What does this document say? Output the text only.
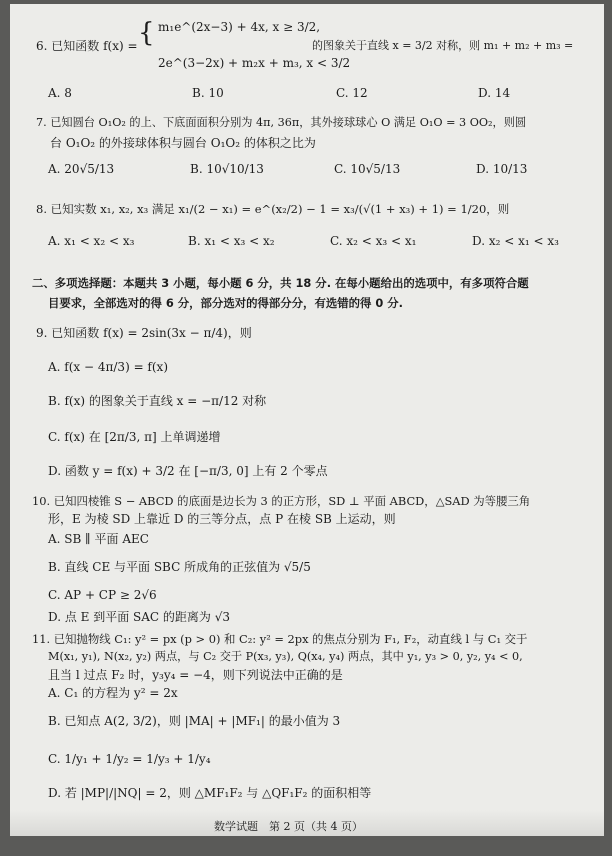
6. 已知函数 f(x) = { m₁e^(2x−3) + 4x, x ≥ 3/2,
2e^(3−2x) + m₂x + m₃, x < 3/2
的图象关于直线 x = 3/2 对称，则 m₁ + m₂ + m₃ =
A. 8	B. 10	C. 12	D. 14
7. 已知圆台 O₁O₂ 的上、下底面面积分别为 4π, 36π，其外接球球心 O 满足 O₁O = 3 OO₂，则圆
台 O₁O₂ 的外接球体积与圆台 O₁O₂ 的体积之比为
A. 20√5/13	B. 10√10/13	C. 10√5/13	D. 10/13
8. 已知实数 x₁, x₂, x₃ 满足 x₁/(2 − x₁) = e^(x₂/2) − 1 = x₃/(√(1 + x₃) + 1) = 1/20，则
A. x₁ < x₂ < x₃	B. x₁ < x₃ < x₂	C. x₂ < x₃ < x₁	D. x₂ < x₁ < x₃
二、多项选择题：本题共 3 小题，每小题 6 分，共 18 分. 在每小题给出的选项中，有多项符合题
目要求，全部选对的得 6 分，部分选对的得部分分，有选错的得 0 分.
9. 已知函数 f(x) = 2sin(3x − π/4)，则
A. f(x − 4π/3) = f(x)
B. f(x) 的图象关于直线 x = −π/12 对称
C. f(x) 在 [2π/3, π] 上单调递增
D. 函数 y = f(x) + 3/2 在 [−π/3, 0] 上有 2 个零点
10. 已知四棱锥 S − ABCD 的底面是边长为 3 的正方形，SD ⊥ 平面 ABCD，△SAD 为等腰三角
形，E 为棱 SD 上靠近 D 的三等分点，点 P 在棱 SB 上运动，则
A. SB ∥ 平面 AEC
B. 直线 CE 与平面 SBC 所成角的正弦值为 √5/5
C. AP + CP ≥ 2√6
D. 点 E 到平面 SAC 的距离为 √3
11. 已知抛物线 C₁: y² = px (p > 0) 和 C₂: y² = 2px 的焦点分别为 F₁, F₂，动直线 l 与 C₁ 交于
M(x₁, y₁), N(x₂, y₂) 两点，与 C₂ 交于 P(x₃, y₃), Q(x₄, y₄) 两点，其中 y₁, y₃ > 0, y₂, y₄ < 0,
且当 l 过点 F₂ 时，y₃y₄ = −4，则下列说法中正确的是
A. C₁ 的方程为 y² = 2x
B. 已知点 A(2, 3/2)，则 |MA| + |MF₁| 的最小值为 3
C. 1/y₁ + 1/y₂ = 1/y₃ + 1/y₄
D. 若 |MP|/|NQ| = 2，则 △MF₁F₂ 与 △QF₁F₂ 的面积相等
数学试题　第 2 页（共 4 页）
